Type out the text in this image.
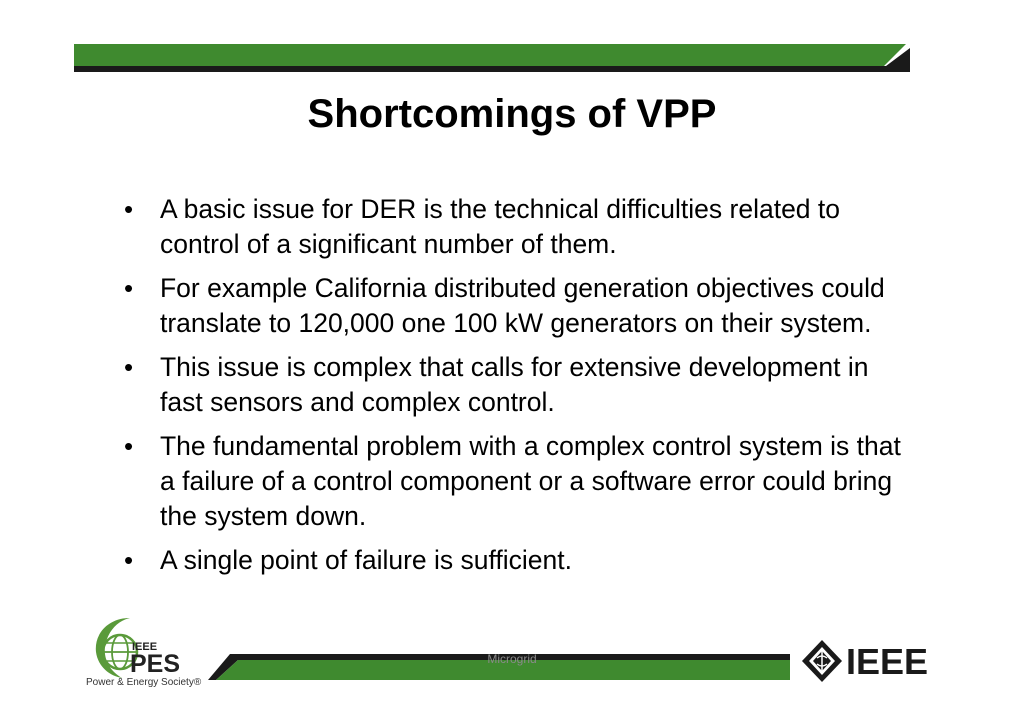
Shortcomings of VPP
•	A basic issue for DER is the technical difficulties related to control of a significant number of them.
•	For example California distributed generation objectives could translate to 120,000 one 100 kW generators on their system.
•	This issue is complex that calls for extensive development in fast sensors and complex control.
•	The fundamental problem with a complex control system is that a failure of a control component or a software error could bring the system down.
•	A single point of failure is sufficient.
Microgrid
IEEE
PES
Power & Energy Society®
IEEE
